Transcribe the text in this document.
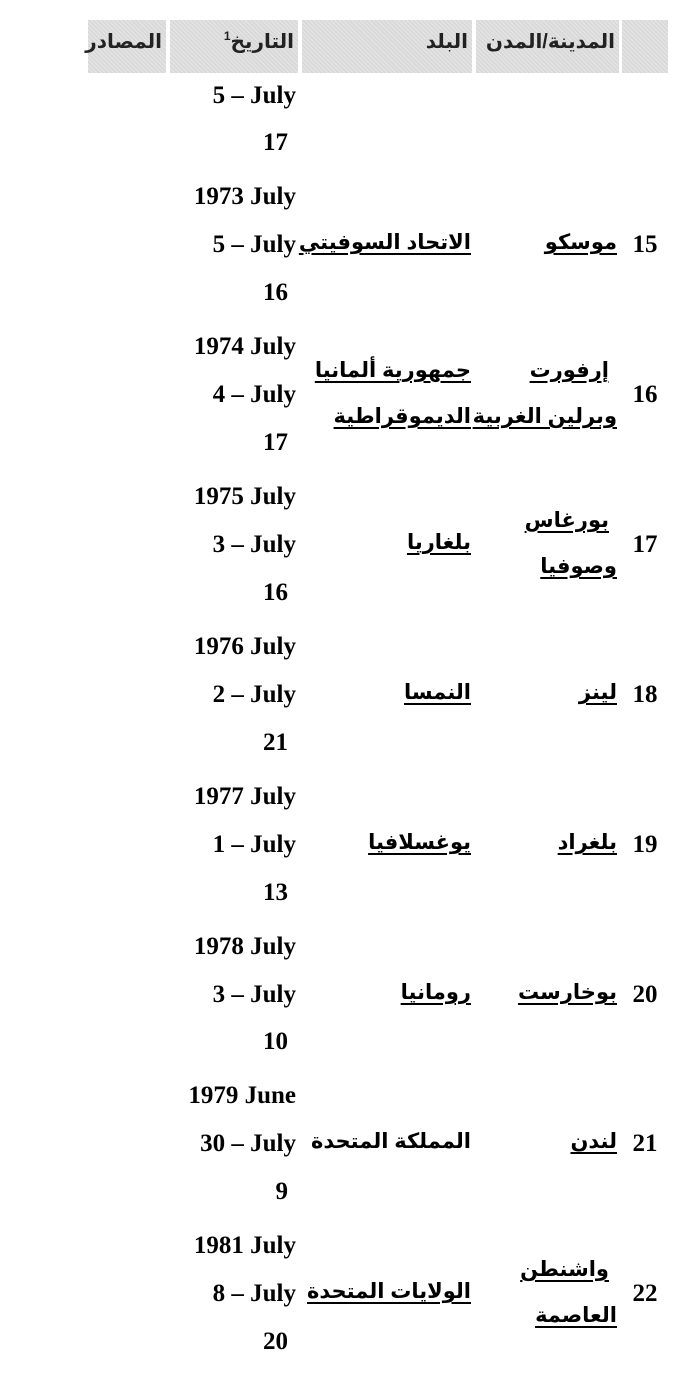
المصادر	التاريخ$^1$	البلد المدينة/المدن
5 – July
17
1973 July
5 – July
16
15
موسكو
الاتحاد السوفيتي
1974 July
4 – July
17
16
إرفورت
وبرلين الغربية
جمهورية ألمانيا
الديموقراطية
1975 July
3 – July
16
17
بورغاس
وصوفيا
بلغاريا
1976 July
2 – July
21
18
لينز
النمسا
1977 July
1 – July
13
19
بلغراد
يوغسلافيا
1978 July
3 – July
10
20
بوخارست
رومانيا
1979 June
30 – July
9
21
لندن
المملكة المتحدة
1981 July
8 – July
20
22
واشنطن
العاصمة
الولايات المتحدة
